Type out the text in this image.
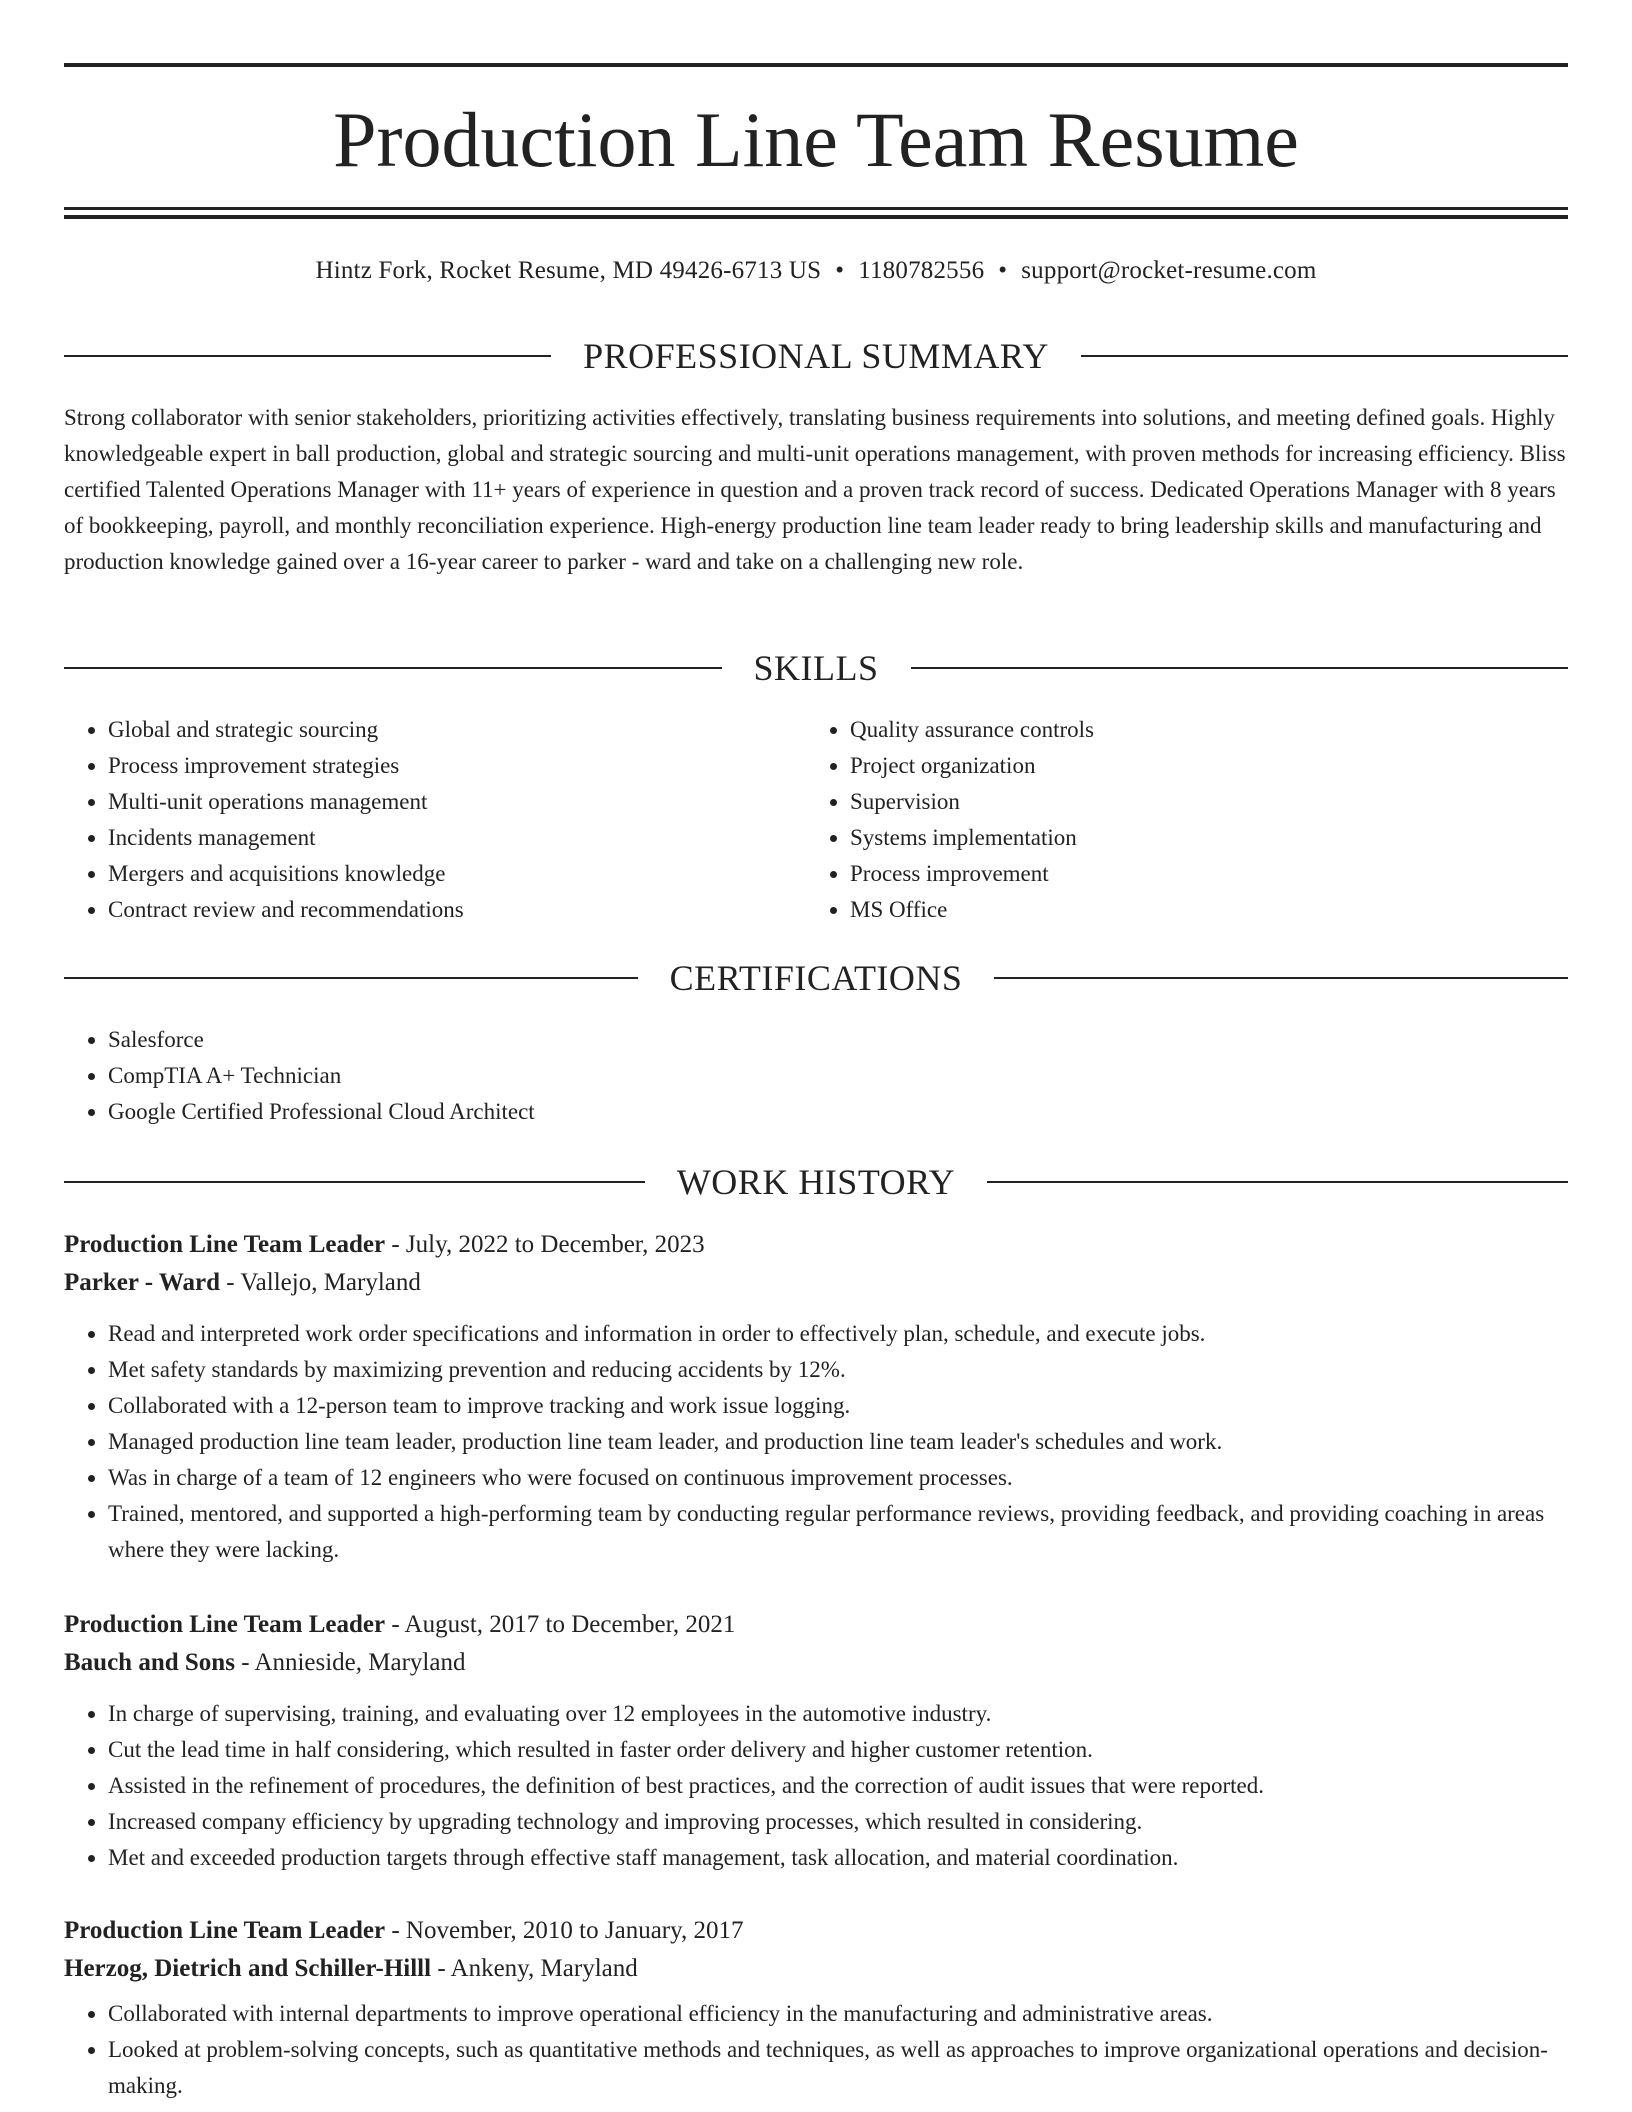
Production Line Team Resume
Hintz Fork, Rocket Resume, MD 49426-6713 US • 1180782556 • support@rocket-resume.com
PROFESSIONAL SUMMARY

Strong collaborator with senior stakeholders, prioritizing activities effectively, translating business requirements into solutions, and meeting defined goals. Highly knowledgeable expert in ball production, global and strategic sourcing and multi-unit operations management, with proven methods for increasing efficiency. Bliss certified Talented Operations Manager with 11+ years of experience in question and a proven track record of success. Dedicated Operations Manager with 8 years of bookkeeping, payroll, and monthly reconciliation experience. High-energy production line team leader ready to bring leadership skills and manufacturing and production knowledge gained over a 16-year career to parker - ward and take on a challenging new role.

SKILLS
• Global and strategic sourcing
• Process improvement strategies
• Multi-unit operations management
• Incidents management
• Mergers and acquisitions knowledge
• Contract review and recommendations
• Quality assurance controls
• Project organization
• Supervision
• Systems implementation
• Process improvement
• MS Office
CERTIFICATIONS
• Salesforce
• CompTIA A+ Technician
• Google Certified Professional Cloud Architect
WORK HISTORY
Production Line Team Leader - July, 2022 to December, 2023
Parker - Ward - Vallejo, Maryland
• Read and interpreted work order specifications and information in order to effectively plan, schedule, and execute jobs.
• Met safety standards by maximizing prevention and reducing accidents by 12%.
• Collaborated with a 12-person team to improve tracking and work issue logging.
• Managed production line team leader, production line team leader, and production line team leader's schedules and work.
• Was in charge of a team of 12 engineers who were focused on continuous improvement processes.
• Trained, mentored, and supported a high-performing team by conducting regular performance reviews, providing feedback, and providing coaching in areas where they were lacking.
Production Line Team Leader - August, 2017 to December, 2021
Bauch and Sons - Annieside, Maryland
• In charge of supervising, training, and evaluating over 12 employees in the automotive industry.
• Cut the lead time in half considering, which resulted in faster order delivery and higher customer retention.
• Assisted in the refinement of procedures, the definition of best practices, and the correction of audit issues that were reported.
• Increased company efficiency by upgrading technology and improving processes, which resulted in considering.
• Met and exceeded production targets through effective staff management, task allocation, and material coordination.
Production Line Team Leader - November, 2010 to January, 2017
Herzog, Dietrich and Schiller-Hilll - Ankeny, Maryland
• Collaborated with internal departments to improve operational efficiency in the manufacturing and administrative areas.
• Looked at problem-solving concepts, such as quantitative methods and techniques, as well as approaches to improve organizational operations and decision-making.
